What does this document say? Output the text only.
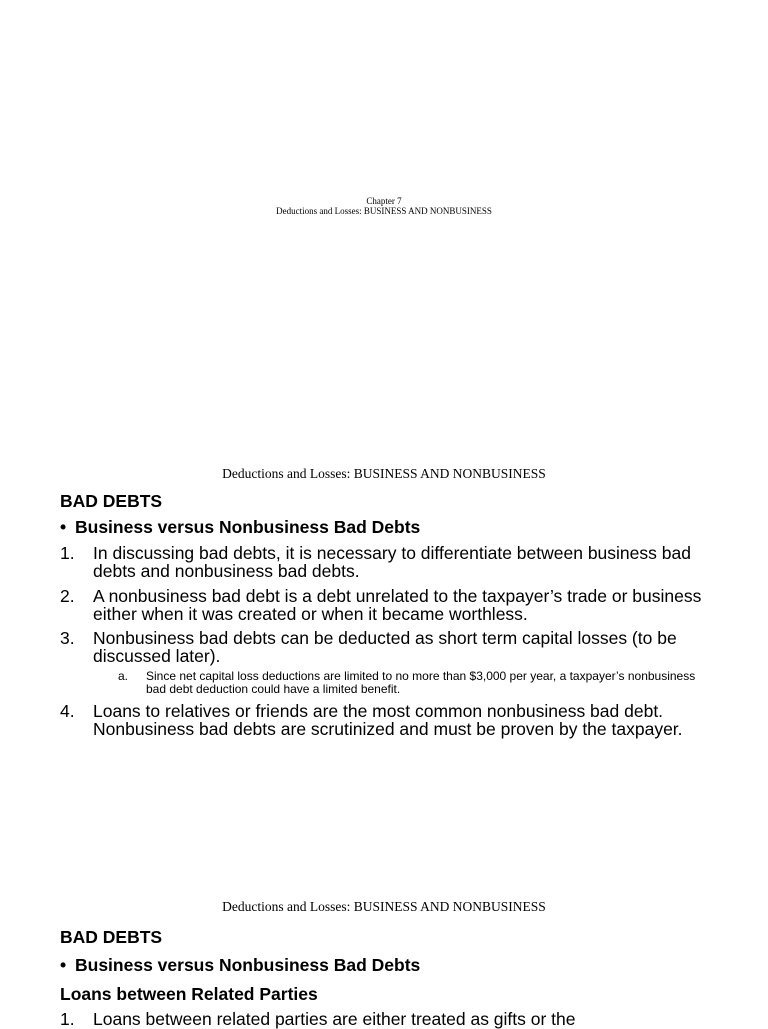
Chapter 7
Deductions and Losses: BUSINESS AND NONBUSINESS
Deductions and Losses: BUSINESS AND NONBUSINESS
BAD DEBTS
• Business versus Nonbusiness Bad Debts
1. In discussing bad debts, it is necessary to differentiate between business bad debts and nonbusiness bad debts.
2. A nonbusiness bad debt is a debt unrelated to the taxpayer’s trade or business either when it was created or when it became worthless.
3. Nonbusiness bad debts can be deducted as short term capital losses (to be discussed later).
a. Since net capital loss deductions are limited to no more than $3,000 per year, a taxpayer’s nonbusiness bad debt deduction could have a limited benefit.
4. Loans to relatives or friends are the most common nonbusiness bad debt. Nonbusiness bad debts are scrutinized and must be proven by the taxpayer.
Deductions and Losses: BUSINESS AND NONBUSINESS
BAD DEBTS
• Business versus Nonbusiness Bad Debts
Loans between Related Parties
1. Loans between related parties are either treated as gifts or the
